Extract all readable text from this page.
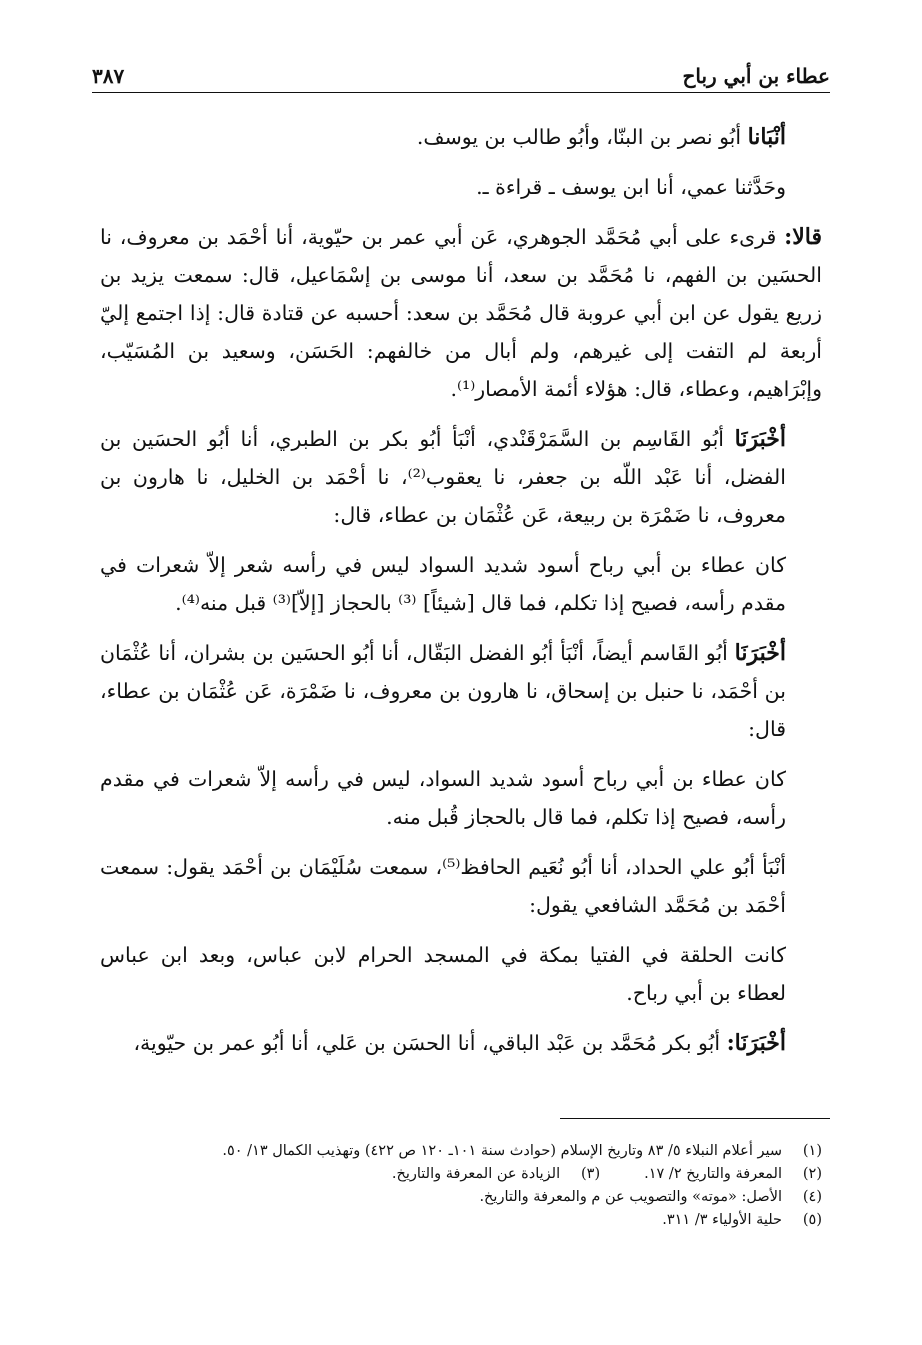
عطاء بن أبي رباح
٣٨٧

أنْبَانا أبُو نصر بن البنّا، وأبُو طالب بن يوسف.

وحَدَّثنا عمي، أنا ابن يوسف ـ قراءة ـ.

قالا: قرىء على أبي مُحَمَّد الجوهري، عَن أبي عمر بن حيّوية، أنا أحْمَد بن معروف، نا الحسَين بن الفهم، نا مُحَمَّد بن سعد، أنا موسى بن إسْمَاعيل، قال: سمعت يزيد بن زريع يقول عن ابن أبي عروبة قال مُحَمَّد بن سعد: أحسبه عن قتادة قال: إذا اجتمع إليّ أربعة لم التفت إلى غيرهم، ولم أبال من خالفهم: الحَسَن، وسعيد بن المُسَيّب، وإبْرَاهيم، وعطاء، قال: هؤلاء أئمة الأمصار⁽¹⁾.

أخْبَرَنَا أبُو القَاسِم بن السَّمَرْقَنْدي، أنْبَأ أبُو بكر بن الطبري، أنا أبُو الحسَين بن الفضل، أنا عَبْد اللّه بن جعفر، نا يعقوب⁽²⁾، نا أحْمَد بن الخليل، نا هارون بن معروف، نا ضَمْرَة بن ربيعة، عَن عُثْمَان بن عطاء، قال:

كان عطاء بن أبي رباح أسود شديد السواد ليس في رأسه شعر إلاّ شعرات في مقدم رأسه، فصيح إذا تكلم، فما قال [شيئاً] ⁽³⁾ بالحجاز [إلاّ]⁽³⁾ قبل منه⁽⁴⁾.

أخْبَرَنَا أبُو القَاسم أيضاً، أنْبَأ أبُو الفضل البَقّال، أنا أبُو الحسَين بن بشران، أنا عُثْمَان بن أحْمَد، نا حنبل بن إسحاق، نا هارون بن معروف، نا ضَمْرَة، عَن عُثْمَان بن عطاء، قال:

كان عطاء بن أبي رباح أسود شديد السواد، ليس في رأسه إلاّ شعرات في مقدم رأسه، فصيح إذا تكلم، فما قال بالحجاز قُبل منه.

أنْبَأ أبُو علي الحداد، أنا أبُو نُعَيم الحافظ⁽⁵⁾، سمعت سُلَيْمَان بن أحْمَد يقول: سمعت أحْمَد بن مُحَمَّد الشافعي يقول:

كانت الحلقة في الفتيا بمكة في المسجد الحرام لابن عباس، وبعد ابن عباس لعطاء بن أبي رباح.

أخْبَرَنَا: أبُو بكر مُحَمَّد بن عَبْد الباقي، أنا الحسَن بن عَلي، أنا أبُو عمر بن حيّوية،

(١)سير أعلام النبلاء ٥/ ٨٣ وتاريخ الإسلام (حوادث سنة ١٠١ـ ١٢٠ ص ٤٢٢) وتهذيب الكمال ١٣/ ٥٠.
(٢)المعرفة والتاريخ ٢/ ١٧.
(٣)الزيادة عن المعرفة والتاريخ.
(٤)الأصل: «موته» والتصويب عن م والمعرفة والتاريخ.
(٥)حلية الأولياء ٣/ ٣١١.
